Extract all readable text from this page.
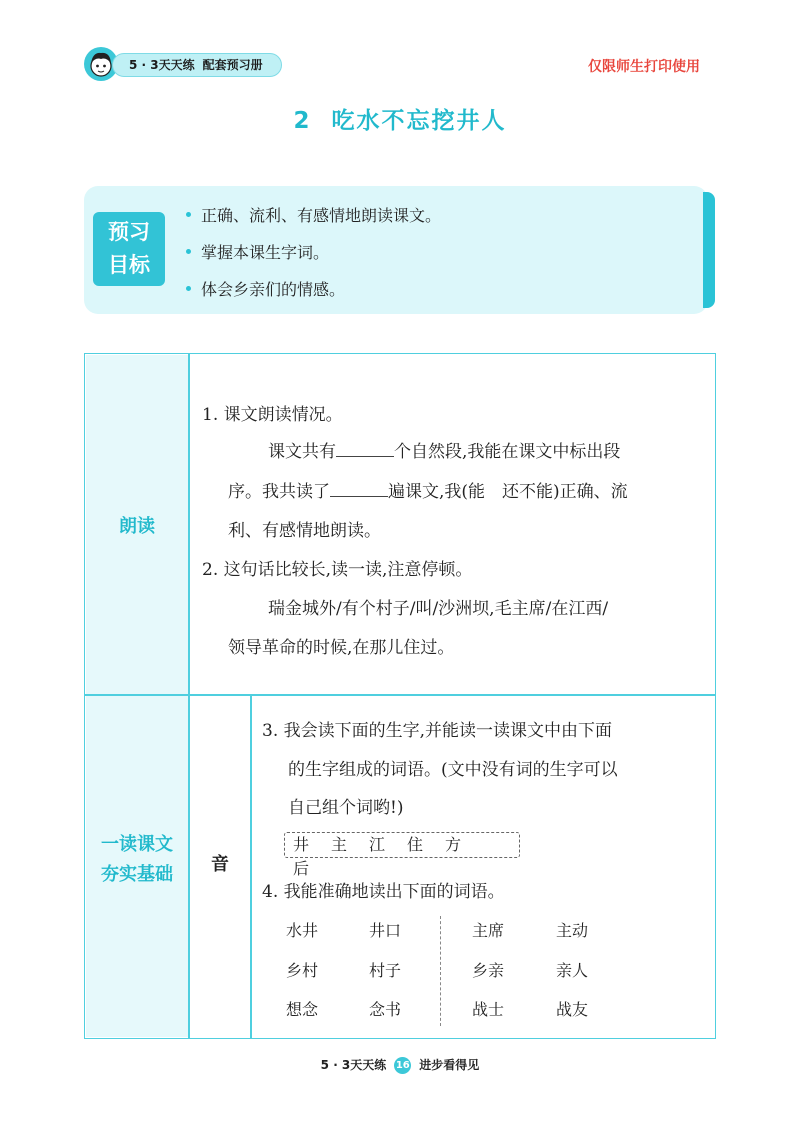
5 · 3天天练 配套预习册	仅限师生打印使用
2 吃水不忘挖井人
预习
目标
正确、流利、有感情地朗读课文。
掌握本课生字词。
体会乡亲们的情感。
朗读
一读课文
夯实基础	音
1. 课文朗读情况。
课文共有	个自然段,我能在课文中标出段
序。我共读了	遍课文,我(能　还不能)正确、流
利、有感情地朗读。
2. 这句话比较长,读一读,注意停顿。
瑞金城外/有个村子/叫/沙洲坝,毛主席/在江西/
领导革命的时候,在那儿住过。
3. 我会读下面的生字,并能读一读课文中由下面
的生字组成的词语。(文中没有词的生字可以
自己组个词哟!)
井 主 江 住 方后
4. 我能准确地读出下面的词语。
水井	井口	主席	主动
乡村	村子	乡亲	亲人
想念	念书	战士	战友
5 · 3天天练 16 进步看得见
